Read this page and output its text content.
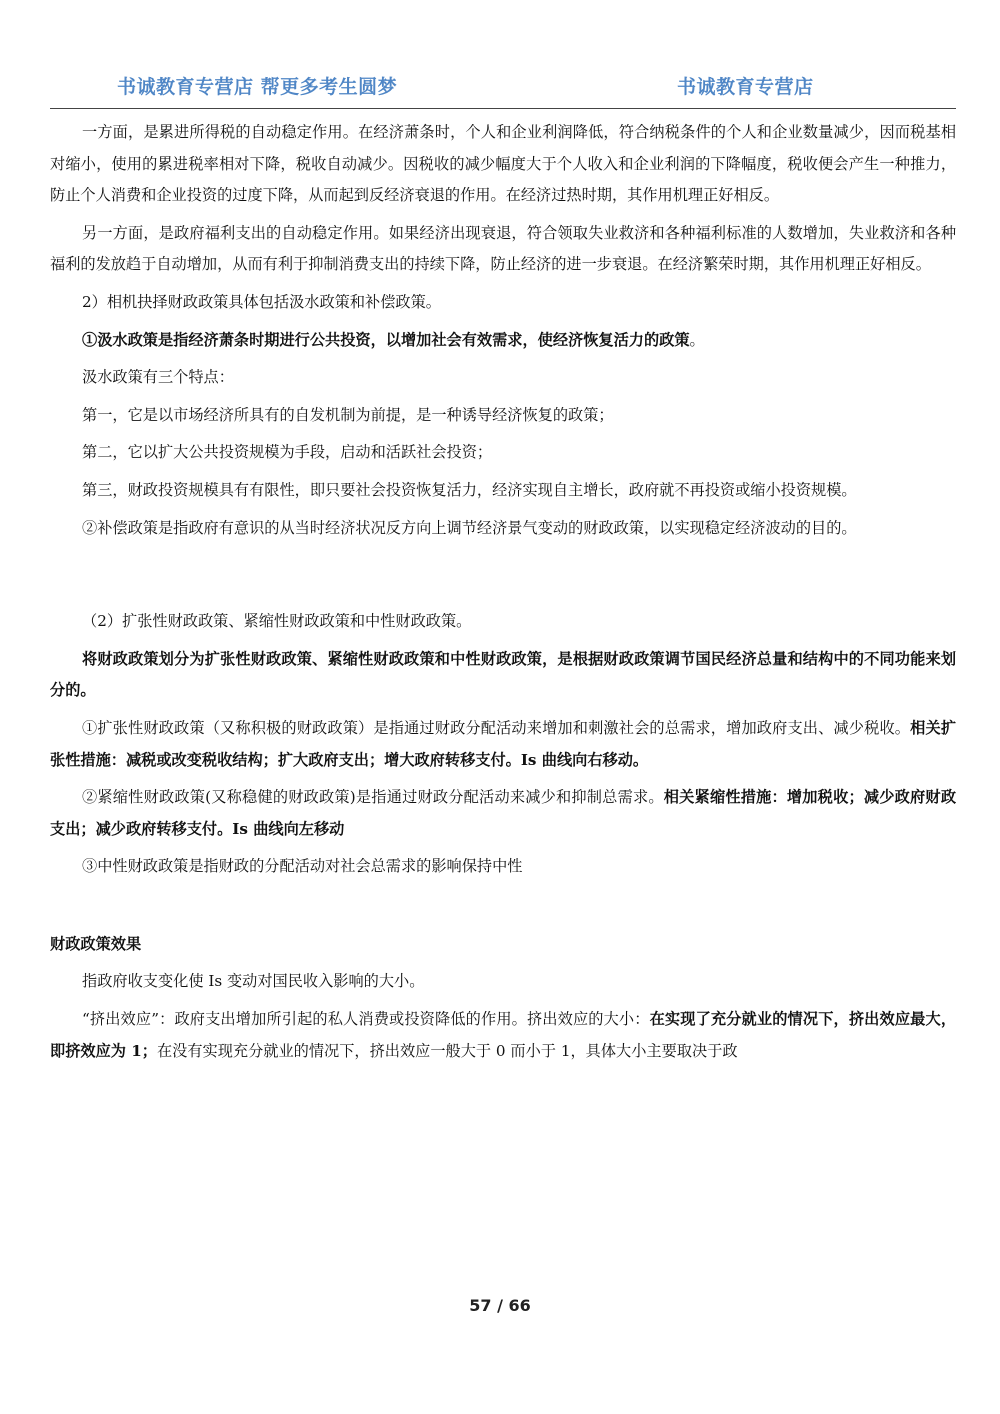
书诚教育专营店 帮更多考生圆梦	书诚教育专营店

一方面，是累进所得税的自动稳定作用。在经济萧条时，个人和企业利润降低，符合纳税条件的个人和企业数量减少，因而税基相对缩小，使用的累进税率相对下降，税收自动减少。因税收的减少幅度大于个人收入和企业利润的下降幅度，税收便会产生一种推力，防止个人消费和企业投资的过度下降，从而起到反经济衰退的作用。在经济过热时期，其作用机理正好相反。

另一方面，是政府福利支出的自动稳定作用。如果经济出现衰退，符合领取失业救济和各种福利标准的人数增加，失业救济和各种福利的发放趋于自动增加，从而有利于抑制消费支出的持续下降，防止经济的进一步衰退。在经济繁荣时期，其作用机理正好相反。

2）相机抉择财政政策具体包括汲水政策和补偿政策。

①汲水政策是指经济萧条时期进行公共投资，以增加社会有效需求，使经济恢复活力的政策。

汲水政策有三个特点：

第一，它是以市场经济所具有的自发机制为前提，是一种诱导经济恢复的政策；

第二，它以扩大公共投资规模为手段，启动和活跃社会投资；

第三，财政投资规模具有有限性，即只要社会投资恢复活力，经济实现自主增长，政府就不再投资或缩小投资规模。

②补偿政策是指政府有意识的从当时经济状况反方向上调节经济景气变动的财政政策，以实现稳定经济波动的目的。

（2）扩张性财政政策、紧缩性财政政策和中性财政政策。

将财政政策划分为扩张性财政政策、紧缩性财政政策和中性财政政策，是根据财政政策调节国民经济总量和结构中的不同功能来划分的。

①扩张性财政政策（又称积极的财政政策）是指通过财政分配活动来增加和刺激社会的总需求，增加政府支出、减少税收。相关扩张性措施：减税或改变税收结构；扩大政府支出；增大政府转移支付。Is 曲线向右移动。

②紧缩性财政政策(又称稳健的财政政策)是指通过财政分配活动来减少和抑制总需求。相关紧缩性措施：增加税收；减少政府财政支出；减少政府转移支付。Is 曲线向左移动

③中性财政政策是指财政的分配活动对社会总需求的影响保持中性

财政政策效果

指政府收支变化使 Is 变动对国民收入影响的大小。

“挤出效应”：政府支出增加所引起的私人消费或投资降低的作用。挤出效应的大小：在实现了充分就业的情况下，挤出效应最大，即挤效应为 1；在没有实现充分就业的情况下，挤出效应一般大于 0 而小于 1，具体大小主要取决于政

57 / 66
